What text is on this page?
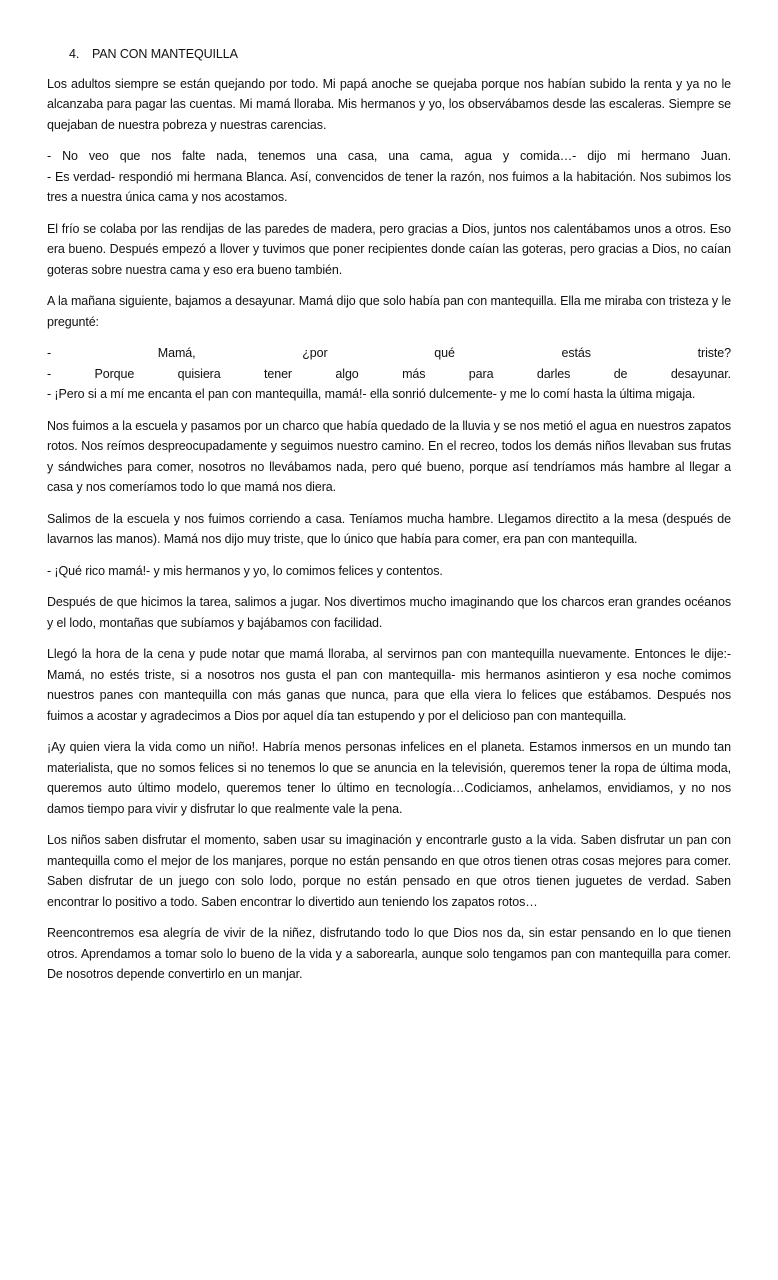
4. PAN CON MANTEQUILLA

Los adultos siempre se están quejando por todo. Mi papá anoche se quejaba porque nos habían subido la renta y ya no le alcanzaba para pagar las cuentas. Mi mamá lloraba. Mis hermanos y yo, los observábamos desde las escaleras. Siempre se quejaban de nuestra pobreza y nuestras carencias.

- No veo que nos falte nada, tenemos una casa, una cama, agua y comida…- dijo mi hermano Juan.
- Es verdad- respondió mi hermana Blanca. Así, convencidos de tener la razón, nos fuimos a la habitación. Nos subimos los tres a nuestra única cama y nos acostamos.

El frío se colaba por las rendijas de las paredes de madera, pero gracias a Dios, juntos nos calentábamos unos a otros. Eso era bueno. Después empezó a llover y tuvimos que poner recipientes donde caían las goteras, pero gracias a Dios, no caían goteras sobre nuestra cama y eso era bueno también.

A la mañana siguiente, bajamos a desayunar. Mamá dijo que solo había pan con mantequilla. Ella me miraba con tristeza y le pregunté:

- Mamá, ¿por qué estás triste?
- Porque quisiera tener algo más para darles de desayunar.
- ¡Pero si a mí me encanta el pan con mantequilla, mamá!- ella sonrió dulcemente- y me lo comí hasta la última migaja.

Nos fuimos a la escuela y pasamos por un charco que había quedado de la lluvia y se nos metió el agua en nuestros zapatos rotos. Nos reímos despreocupadamente y seguimos nuestro camino. En el recreo, todos los demás niños llevaban sus frutas y sándwiches para comer, nosotros no llevábamos nada, pero qué bueno, porque así tendríamos más hambre al llegar a casa y nos comeríamos todo lo que mamá nos diera.

Salimos de la escuela y nos fuimos corriendo a casa. Teníamos mucha hambre. Llegamos directito a la mesa (después de lavarnos las manos). Mamá nos dijo muy triste, que lo único que había para comer, era pan con mantequilla.

- ¡Qué rico mamá!- y mis hermanos y yo, lo comimos felices y contentos.

Después de que hicimos la tarea, salimos a jugar. Nos divertimos mucho imaginando que los charcos eran grandes océanos y el lodo, montañas que subíamos y bajábamos con facilidad.

Llegó la hora de la cena y pude notar que mamá lloraba, al servirnos pan con mantequilla nuevamente. Entonces le dije:- Mamá, no estés triste, si a nosotros nos gusta el pan con mantequilla- mis hermanos asintieron y esa noche comimos nuestros panes con mantequilla con más ganas que nunca, para que ella viera lo felices que estábamos. Después nos fuimos a acostar y agradecimos a Dios por aquel día tan estupendo y por el delicioso pan con mantequilla.

¡Ay quien viera la vida como un niño!. Habría menos personas infelices en el planeta. Estamos inmersos en un mundo tan materialista, que no somos felices si no tenemos lo que se anuncia en la televisión, queremos tener la ropa de última moda, queremos auto último modelo, queremos tener lo último en tecnología…Codiciamos, anhelamos, envidiamos, y no nos damos tiempo para vivir y disfrutar lo que realmente vale la pena.

Los niños saben disfrutar el momento, saben usar su imaginación y encontrarle gusto a la vida. Saben disfrutar un pan con mantequilla como el mejor de los manjares, porque no están pensando en que otros tienen otras cosas mejores para comer. Saben disfrutar de un juego con solo lodo, porque no están pensado en que otros tienen juguetes de verdad. Saben encontrar lo positivo a todo. Saben encontrar lo divertido aun teniendo los zapatos rotos…

Reencontremos esa alegría de vivir de la niñez, disfrutando todo lo que Dios nos da, sin estar pensando en lo que tienen otros. Aprendamos a tomar solo lo bueno de la vida y a saborearla, aunque solo tengamos pan con mantequilla para comer. De nosotros depende convertirlo en un manjar.
